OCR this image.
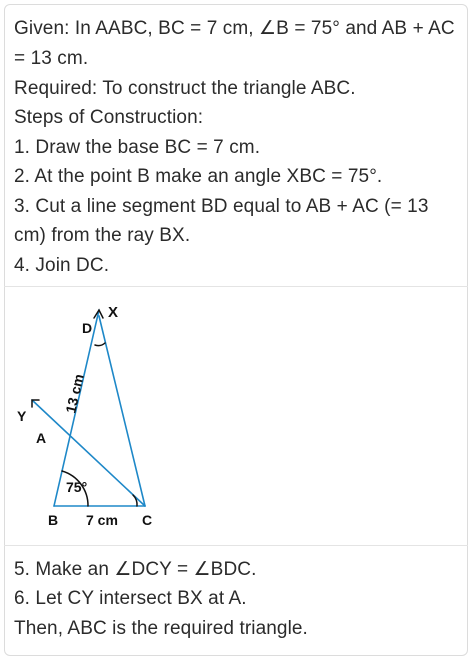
Given: In AABC, BC = 7 cm, ∠B = 75° and AB + AC
= 13 cm.
Required: To construct the triangle ABC.
Steps of Construction:
1. Draw the base BC = 7 cm.
2. At the point B make an angle XBC = 75°.
3. Cut a line segment BD equal to AB + AC (= 13
cm) from the ray BX.
4. Join DC.
X
D
Y
A
B	C
7 cm
75°
13 cm
5. Make an ∠DCY = ∠BDC.
6. Let CY intersect BX at A.
Then, ABC is the required triangle.
